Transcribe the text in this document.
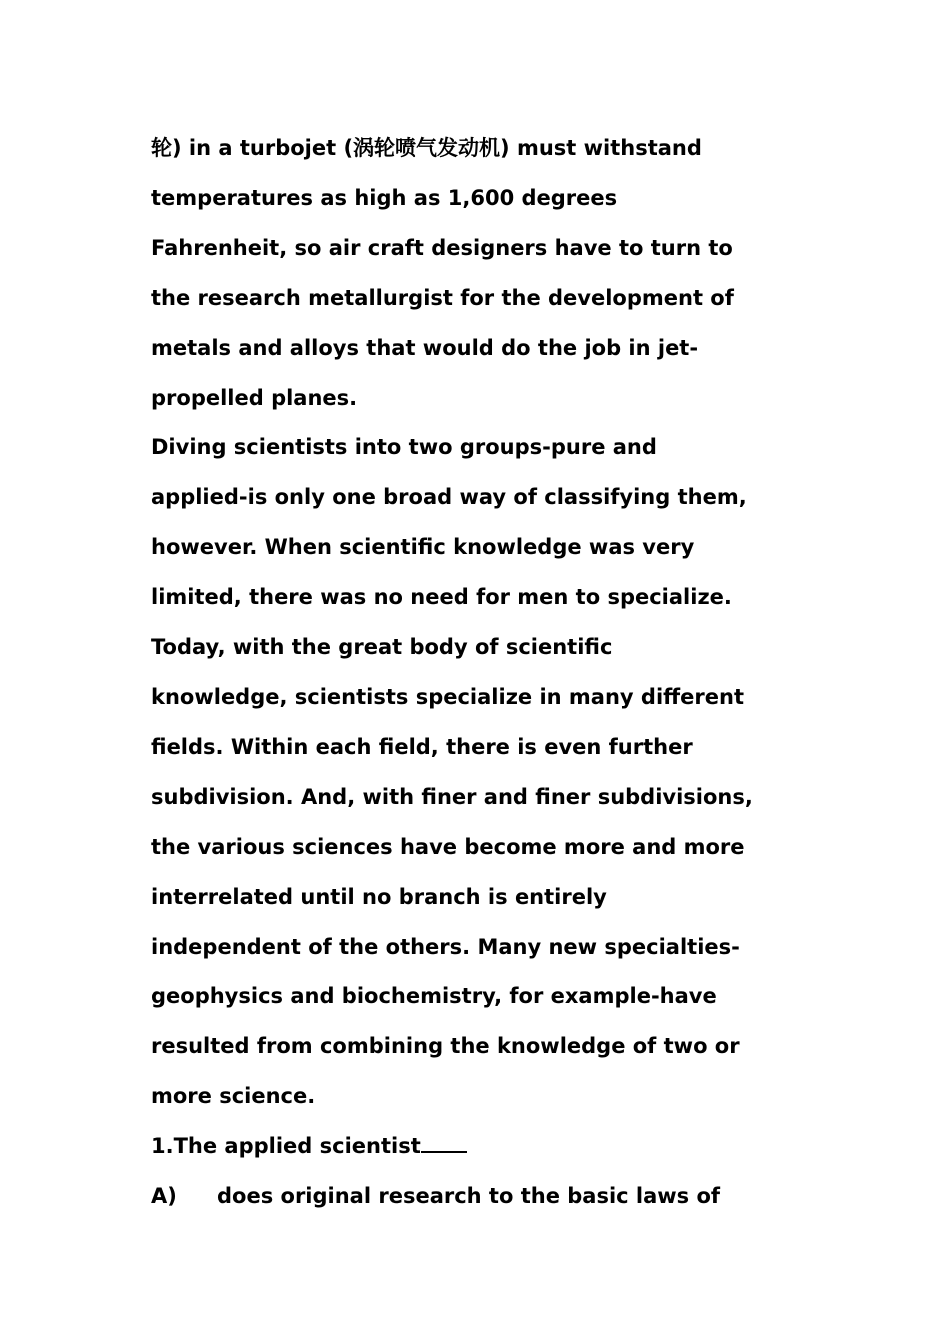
轮) in a turbojet (涡轮喷气发动机) must withstand
temperatures as high as 1,600 degrees
Fahrenheit, so air craft designers have to turn to
the research metallurgist for the development of
metals and alloys that would do the job in jet-
propelled planes.
Diving scientists into two groups-pure and
applied-is only one broad way of classifying them,
however. When scientific knowledge was very
limited, there was no need for men to specialize.
Today, with the great body of scientific
knowledge, scientists specialize in many different
fields. Within each field, there is even further
subdivision. And, with finer and finer subdivisions,
the various sciences have become more and more
interrelated until no branch is entirely
independent of the others. Many new specialties-
geophysics and biochemistry, for example-have
resulted from combining the knowledge of two or
more science.
1.The applied scientist
A) does original research to the basic laws of
